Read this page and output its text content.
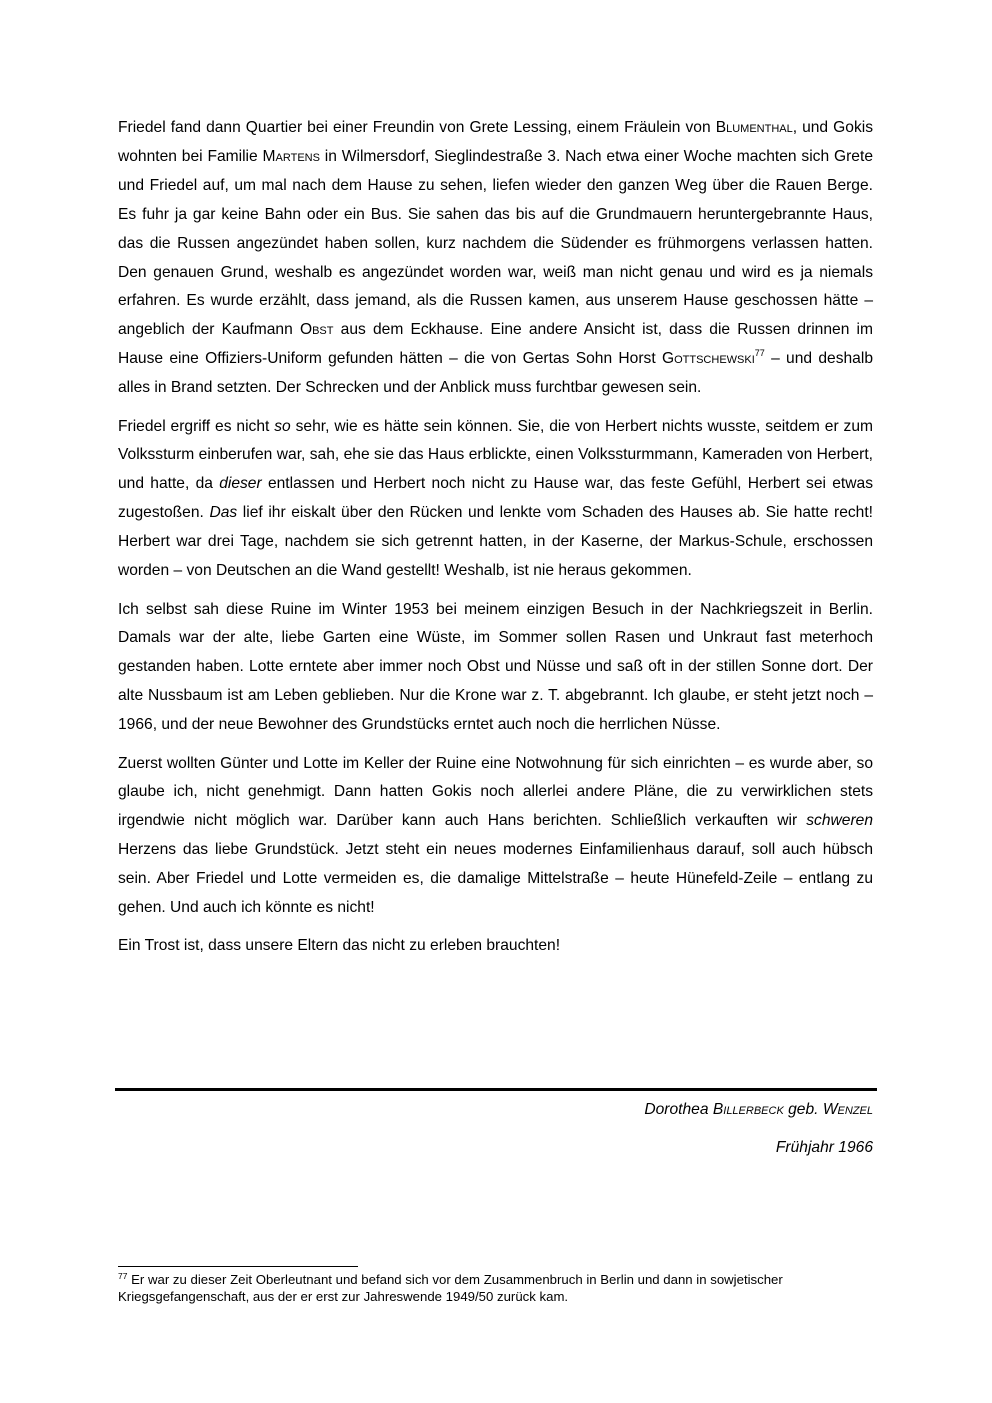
Friedel fand dann Quartier bei einer Freundin von Grete Lessing, einem Fräulein von Blumenthal, und Gokis wohnten bei Familie Martens in Wilmersdorf, Sieglindestraße 3. Nach etwa einer Woche machten sich Grete und Friedel auf, um mal nach dem Hause zu sehen, liefen wieder den ganzen Weg über die Rauen Berge. Es fuhr ja gar keine Bahn oder ein Bus. Sie sahen das bis auf die Grundmauern heruntergebrannte Haus, das die Russen angezündet haben sollen, kurz nachdem die Südender es frühmorgens verlassen hatten. Den genauen Grund, weshalb es angezündet worden war, weiß man nicht genau und wird es ja niemals erfahren. Es wurde erzählt, dass jemand, als die Russen kamen, aus unserem Hause geschossen hätte – angeblich der Kaufmann Obst aus dem Eckhause. Eine andere Ansicht ist, dass die Russen drinnen im Hause eine Offiziers-Uniform gefunden hätten – die von Gertas Sohn Horst Gottschewski$^{77}$ – und deshalb alles in Brand setzten. Der Schrecken und der Anblick muss furchtbar gewesen sein.

Friedel ergriff es nicht so sehr, wie es hätte sein können. Sie, die von Herbert nichts wusste, seitdem er zum Volkssturm einberufen war, sah, ehe sie das Haus erblickte, einen Volkssturmmann, Kameraden von Herbert, und hatte, da dieser entlassen und Herbert noch nicht zu Hause war, das feste Gefühl, Herbert sei etwas zugestoßen. Das lief ihr eiskalt über den Rücken und lenkte vom Schaden des Hauses ab. Sie hatte recht! Herbert war drei Tage, nachdem sie sich getrennt hatten, in der Kaserne, der Markus-Schule, erschossen worden – von Deutschen an die Wand gestellt! Weshalb, ist nie heraus gekommen.

Ich selbst sah diese Ruine im Winter 1953 bei meinem einzigen Besuch in der Nachkriegszeit in Berlin. Damals war der alte, liebe Garten eine Wüste, im Sommer sollen Rasen und Unkraut fast meterhoch gestanden haben. Lotte erntete aber immer noch Obst und Nüsse und saß oft in der stillen Sonne dort. Der alte Nussbaum ist am Leben geblieben. Nur die Krone war z. T. abgebrannt. Ich glaube, er steht jetzt noch – 1966, und der neue Bewohner des Grundstücks erntet auch noch die herrlichen Nüsse.

Zuerst wollten Günter und Lotte im Keller der Ruine eine Notwohnung für sich einrichten – es wurde aber, so glaube ich, nicht genehmigt. Dann hatten Gokis noch allerlei andere Pläne, die zu verwirklichen stets irgendwie nicht möglich war. Darüber kann auch Hans berichten. Schließlich verkauften wir schweren Herzens das liebe Grundstück. Jetzt steht ein neues modernes Einfamilienhaus darauf, soll auch hübsch sein. Aber Friedel und Lotte vermeiden es, die damalige Mittelstraße – heute Hünefeld-Zeile – entlang zu gehen. Und auch ich könnte es nicht!

Ein Trost ist, dass unsere Eltern das nicht zu erleben brauchten!

Dorothea Billerbeck geb. Wenzel
Frühjahr 1966
$^{77}$ Er war zu dieser Zeit Oberleutnant und befand sich vor dem Zusammenbruch in Berlin und dann in sowjetischer Kriegsgefangenschaft, aus der er erst zur Jahreswende 1949/50 zurück kam.
